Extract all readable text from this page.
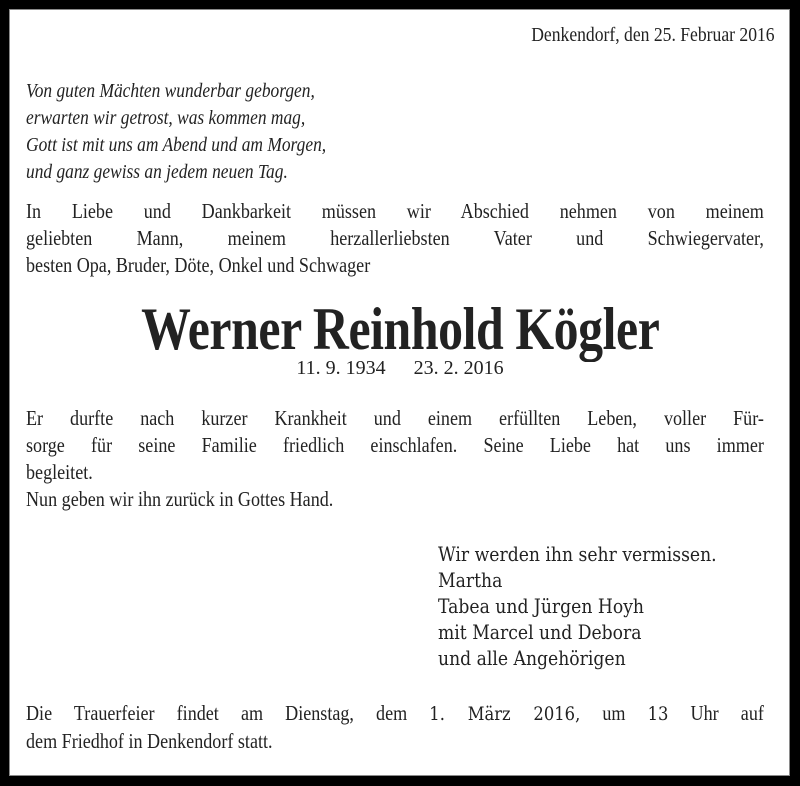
Denkendorf, den 25. Februar 2016
Von guten Mächten wunderbar geborgen,
erwarten wir getrost, was kommen mag,
Gott ist mit uns am Abend und am Morgen,
und ganz gewiss an jedem neuen Tag.
In Liebe und Dankbarkeit müssen wir Abschied nehmen von meinem
geliebten Mann, meinem herzallerliebsten Vater und Schwiegervater,
besten Opa, Bruder, Döte, Onkel und Schwager
Werner Reinhold Kögler
11. 9. 1934 23. 2. 2016
Er durfte nach kurzer Krankheit und einem erfüllten Leben, voller Für-
sorge für seine Familie friedlich einschlafen. Seine Liebe hat uns immer
begleitet.
Nun geben wir ihn zurück in Gottes Hand.
Wir werden ihn sehr vermissen.
Martha
Tabea und Jürgen Hoyh
mit Marcel und Debora
und alle Angehörigen
Die Trauerfeier findet am Dienstag, dem 1. März 2016, um 13 Uhr auf
dem Friedhof in Denkendorf statt.
